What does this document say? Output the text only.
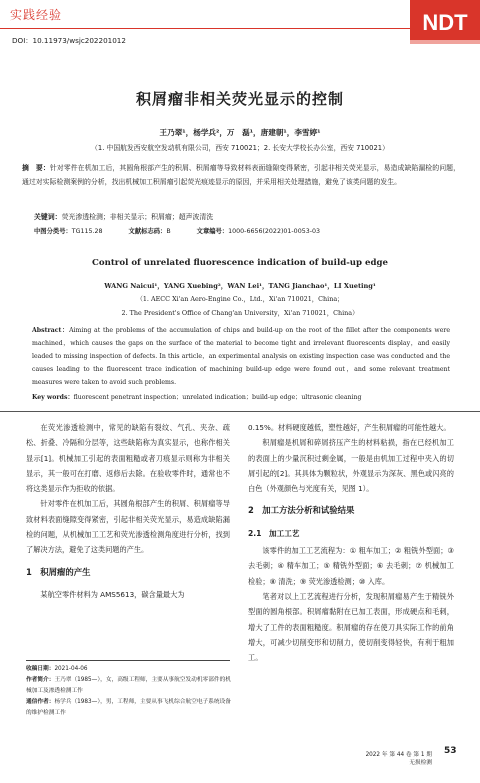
实践经验	NDT
DOI：10.11973/wsjc202201012
积屑瘤非相关荧光显示的控制
王乃翠¹，杨学兵²，万　磊¹，唐建朝¹，李雪婷¹
（1. 中国航发西安航空发动机有限公司，西安 710021；2. 长安大学校长办公室，西安 710021）
摘　要：针对零件在机加工后，其圆角根部产生的积屑、积屑瘤等导致材料表面缝隙变得紧密，引起非相关荧光显示，易造成缺陷漏检的问题，通过对实际检测案例的分析，找出机械加工积屑瘤引起荧光痕迹显示的原因，并采用相关处理措施，避免了该类问题的发生。
关键词：荧光渗透检测；非相关显示；积屑瘤；超声波清洗
中图分类号：TG115.28	文献标志码：B	文章编号：1000-6656(2022)01-0053-03
Control of unrelated fluorescence indication of build-up edge
WANG Naicui¹，YANG Xuebing²，WAN Lei¹，TANG Jianchao¹，LI Xueting¹
（1. AECC Xi'an Aero-Engine Co.，Ltd.，Xi'an 710021，China；
2. The President's Office of Chang'an University，Xi'an 710021，China）
Abstract：Aiming at the problems of the accumulation of chips and build-up on the root of the fillet after the components were machined，which causes the gaps on the surface of the material to become tight and irrelevant fluorescents display，and easily leaded to missing inspection of defects. In this article，an experimental analysis on existing inspection case was conducted and the causes leading to the fluorescent trace indication of machining build-up edge were found out，and some relevant treatment measures were taken to avoid such problems.
Key words：fluorescent penetrant inspection；unrelated indication；build-up edge；ultrasonic cleaning

在荧光渗透检测中，常见的缺陷有裂纹、气孔、夹杂、疏松、折叠、冷隔和分层等，这些缺陷称为真实显示，也称作相关显示[1]。机械加工引起的表面粗糙或者刀痕显示则称为非相关显示，其一般可在打磨、返修后去除。在验收零件时，通常也不将这类显示作为拒收的依据。

针对零件在机加工后，其圆角根部产生的积屑、积屑瘤等导致材料表面缝隙变得紧密，引起非相关荧光显示，易造成缺陷漏检的问题，从机械加工工艺和荧光渗透检测角度进行分析，找到了解决方法，避免了这类问题的产生。

1　积屑瘤的产生

某航空零件材料为 AMS5613，碳含量最大为

0.15%。材料硬度越低，塑性越好，产生积屑瘤的可能性越大。

积屑瘤是机屑和碎屑挤压产生的材料粘损，指在已经机加工的表面上的少量沉积过剩金属，一般是由机加工过程中夹入的切屑引起的[2]。其具体为颗粒状，外观显示为深灰、黑色或闪亮的白色（外观颜色与光度有关，见图 1）。

2　加工方法分析和试验结果
2.1　加工工艺

该零件的加工工艺流程为：① 粗车加工；② 粗铣外型面；③ 去毛刺；④ 精车加工；⑤ 精铣外型面；⑥ 去毛刺；⑦ 机械加工检验；⑧ 清洗；⑨ 荧光渗透检测；⑩ 入库。

笔者对以上工艺流程进行分析，发现积屑瘤易产生于精铣外型面的圆角根部。积屑瘤黏附在已加工表面，形成硬点和毛刺，增大了工件的表面粗糙度。积屑瘤的存在使刀具实际工作的前角增大，可减少切削变形和切削力，使切削变得轻快，有利于粗加工。

收稿日期：2021-04-06

作者简介：王乃翠（1985—），女，高级工程师，主要从事航空发动机零部件的机械加工及渗透检测工作

通信作者：杨学兵（1983—），男，工程师，主要从事飞机综合航空电子系统设备的维护检测工作

2022 年 第 44 卷 第 1 期
无损检测
53
